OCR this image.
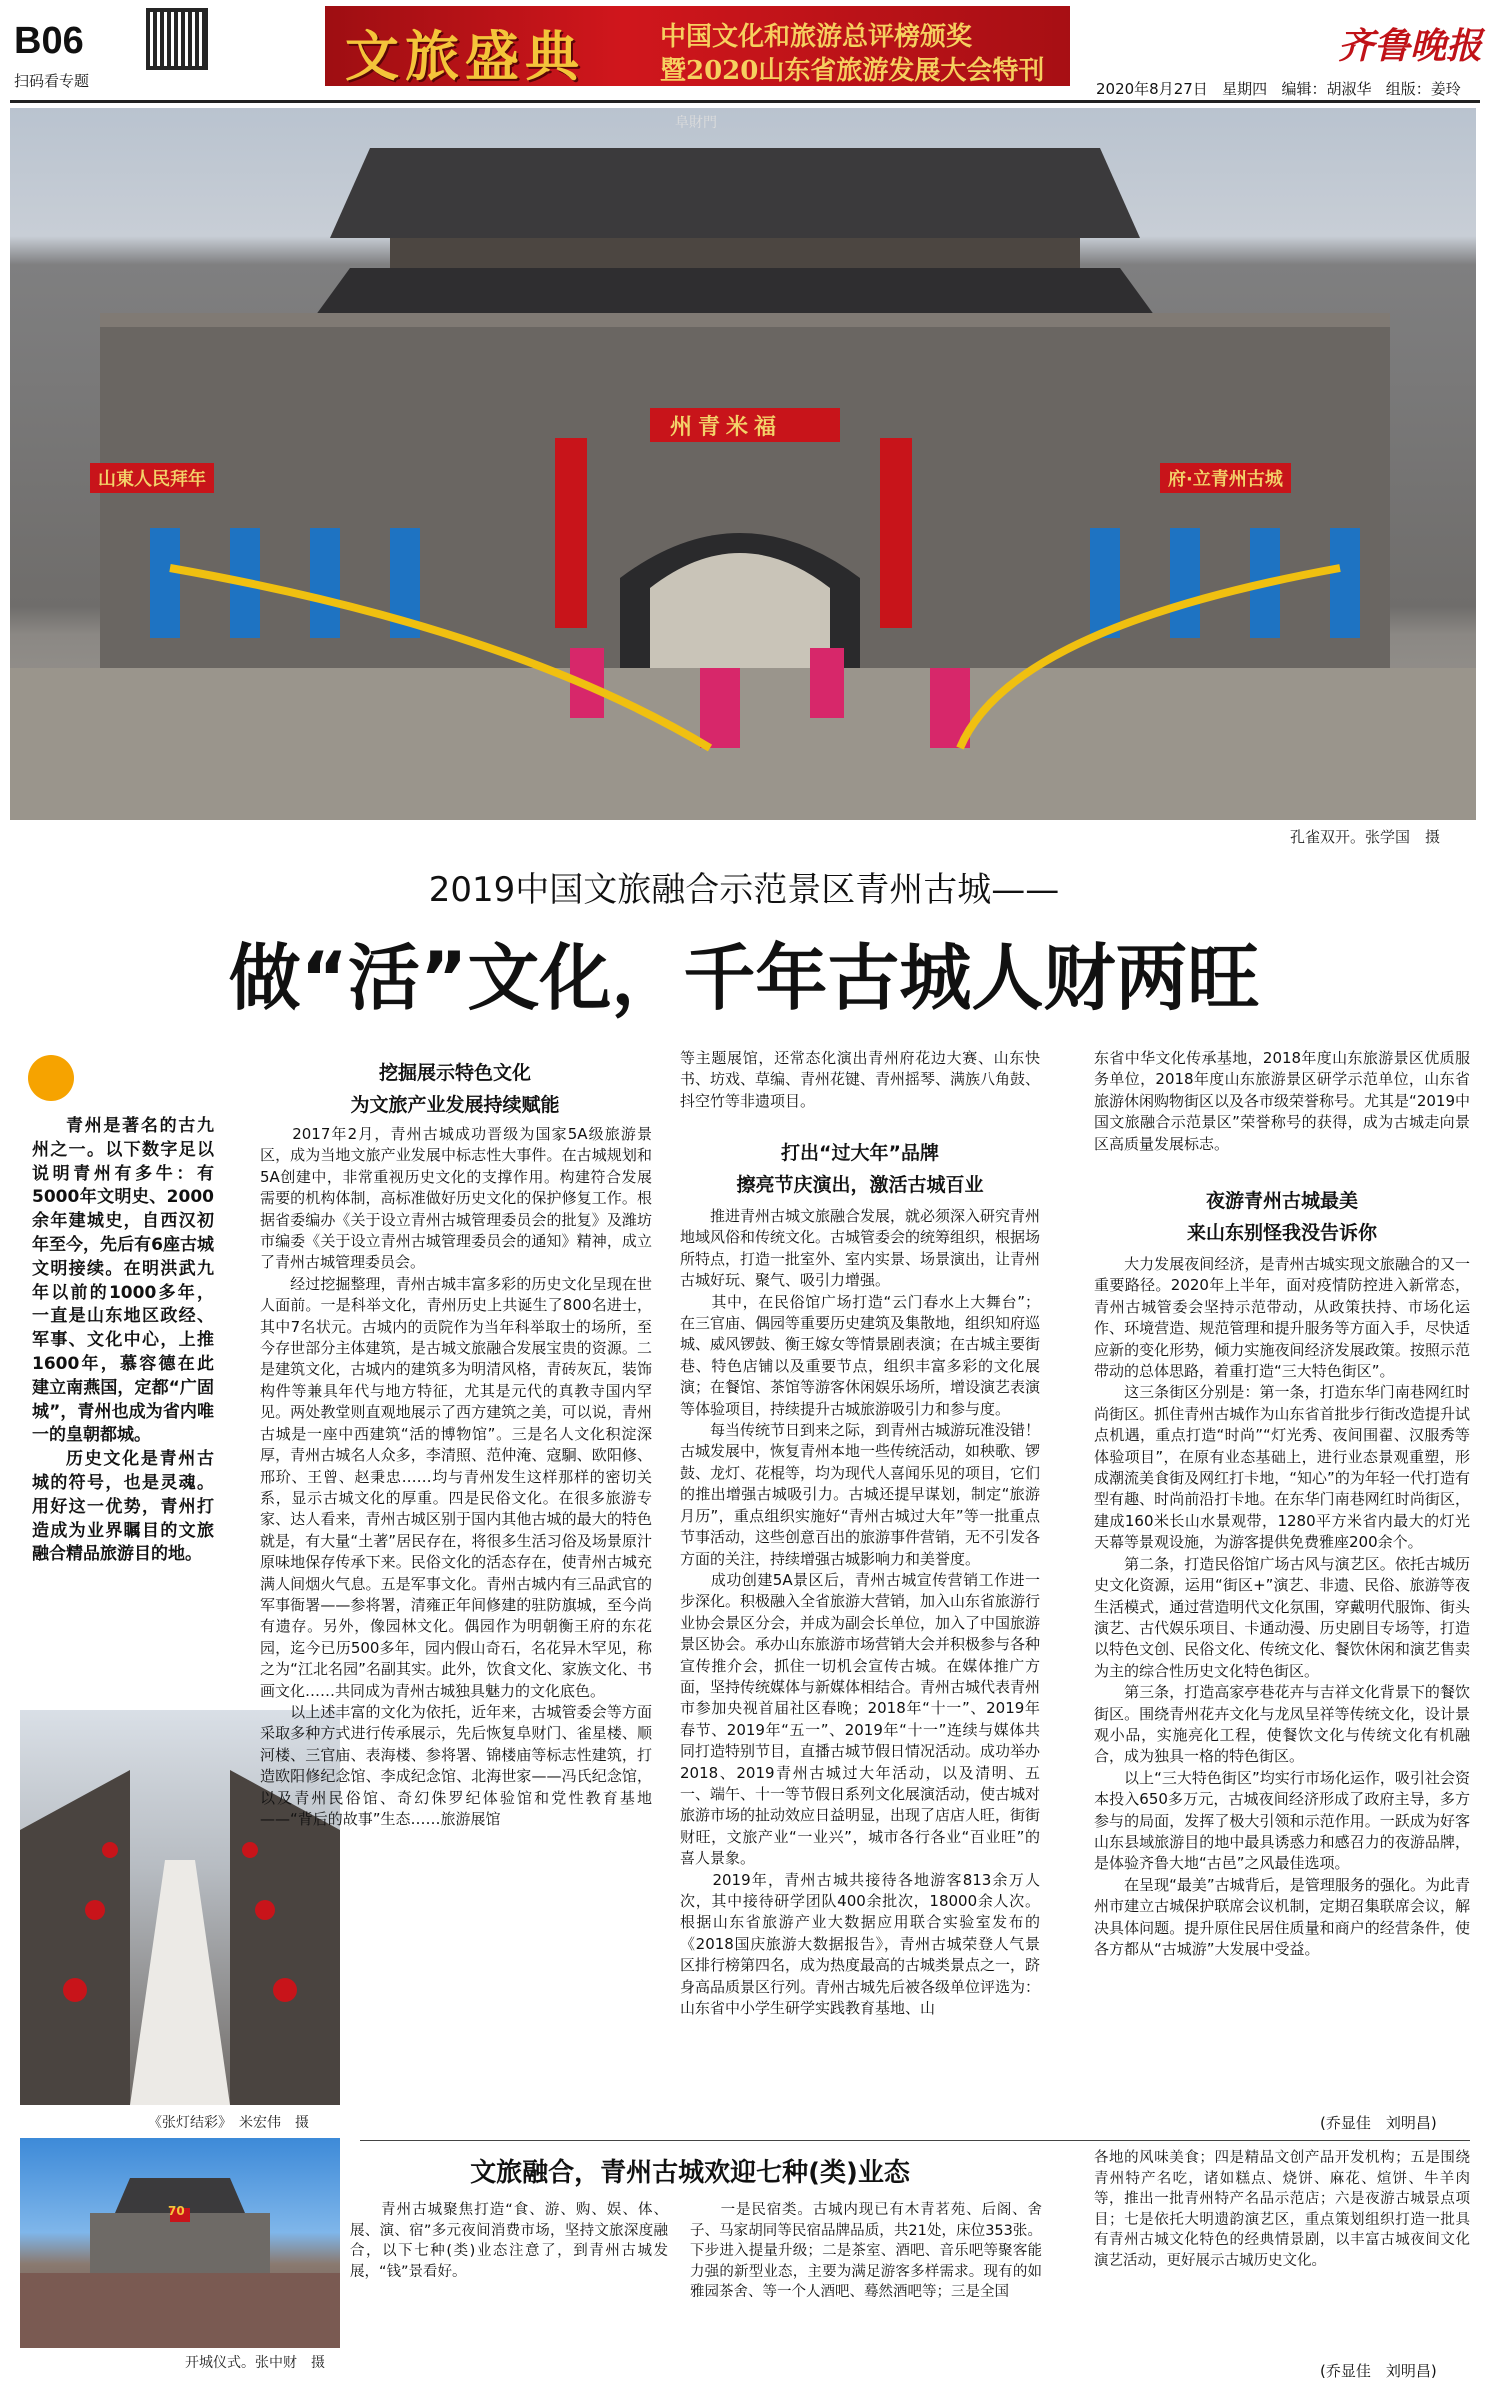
B06
扫码看专题	文旅盛典	中国文化和旅游总评榜颁奖
暨2020山东省旅游发展大会特刊
齐鲁晚报
2020年8月27日 星期四 编辑：胡淑华 组版：姜玲
阜財門
州青米福
山東人民拜年	府·立青州古城
孔雀双开。张学国　摄
2019中国文旅融合示范景区青州古城——
做“活”文化，千年古城人财两旺
青州是著名的古九州之一。以下数字足以说明青州有多牛：有5000年文明史、2000余年建城史，自西汉初年至今，先后有6座古城文明接续。在明洪武九年以前的1000多年，一直是山东地区政经、军事、文化中心，上推1600年，慕容德在此建立南燕国，定都“广固城”，青州也成为省内唯一的皇朝都城。
历史文化是青州古城的符号，也是灵魂。用好这一优势，青州打造成为业界瞩目的文旅融合精品旅游目的地。
《张灯结彩》　米宏伟　摄
70
开城仪式。张中财　摄
挖掘展示特色文化
为文旅产业发展持续赋能
　　2017年2月，青州古城成功晋级为国家5A级旅游景区，成为当地文旅产业发展中标志性大事件。在古城规划和5A创建中，非常重视历史文化的支撑作用。构建符合发展需要的机构体制，高标准做好历史文化的保护修复工作。根据省委编办《关于设立青州古城管理委员会的批复》及潍坊市编委《关于设立青州古城管理委员会的通知》精神，成立了青州古城管理委员会。
　　经过挖掘整理，青州古城丰富多彩的历史文化呈现在世人面前。一是科举文化，青州历史上共诞生了800名进士，其中7名状元。古城内的贡院作为当年科举取士的场所，至今存世部分主体建筑，是古城文旅融合发展宝贵的资源。二是建筑文化，古城内的建筑多为明清风格，青砖灰瓦，装饰构件等兼具年代与地方特征，尤其是元代的真教寺国内罕见。两处教堂则直观地展示了西方建筑之美，可以说，青州古城是一座中西建筑“活的博物馆”。三是名人文化积淀深厚，青州古城名人众多，李清照、范仲淹、寇駉、欧阳修、邢玠、王曾、赵秉忠……均与青州发生这样那样的密切关系，显示古城文化的厚重。四是民俗文化。在很多旅游专家、达人看来，青州古城区别于国内其他古城的最大的特色就是，有大量“土著”居民存在，将很多生活习俗及场景原汁原味地保存传承下来。民俗文化的活态存在，使青州古城充满人间烟火气息。五是军事文化。青州古城内有三品武官的军事衙署——参将署，清雍正年间修建的驻防旗城，至今尚有遗存。另外，像园林文化。偶园作为明朝衡王府的东花园，迄今已历500多年，园内假山奇石，名花异木罕见，称之为“江北名园”名副其实。此外，饮食文化、家族文化、书画文化……共同成为青州古城独具魅力的文化底色。
　　以上述丰富的文化为依托，近年来，古城管委会等方面采取多种方式进行传承展示，先后恢复阜财门、雀星楼、顺河楼、三官庙、表海楼、参将署、锦楼庙等标志性建筑，打造欧阳修纪念馆、李成纪念馆、北海世家——冯氏纪念馆，以及青州民俗馆、奇幻侏罗纪体验馆和党性教育基地——“背后的故事”生态……旅游展馆
等主题展馆，还常态化演出青州府花边大赛、山东快书、坊戏、草编、青州花键、青州摇琴、满族八角鼓、抖空竹等非遗项目。
打出“过大年”品牌
擦亮节庆演出，激活古城百业
　　推进青州古城文旅融合发展，就必须深入研究青州地域风俗和传统文化。古城管委会的统筹组织，根据场所特点，打造一批室外、室内实景、场景演出，让青州古城好玩、聚气、吸引力增强。
　　其中，在民俗馆广场打造“云门春水上大舞台”；在三官庙、偶园等重要历史建筑及集散地，组织知府巡城、威风锣鼓、衡王嫁女等情景剧表演；在古城主要街巷、特色店铺以及重要节点，组织丰富多彩的文化展演；在餐馆、茶馆等游客休闲娱乐场所，增设演艺表演等体验项目，持续提升古城旅游吸引力和参与度。
　　每当传统节日到来之际，到青州古城游玩准没错！古城发展中，恢复青州本地一些传统活动，如秧歌、锣鼓、龙灯、花棍等，均为现代人喜闻乐见的项目，它们的推出增强古城吸引力。古城还提早谋划，制定“旅游月历”，重点组织实施好“青州古城过大年”等一批重点节事活动，这些创意百出的旅游事件营销，无不引发各方面的关注，持续增强古城影响力和美誉度。
　　成功创建5A景区后，青州古城宣传营销工作进一步深化。积极融入全省旅游大营销，加入山东省旅游行业协会景区分会，并成为副会长单位，加入了中国旅游景区协会。承办山东旅游市场营销大会并积极参与各种宣传推介会，抓住一切机会宣传古城。在媒体推广方面，坚持传统媒体与新媒体相结合。青州古城代表青州市参加央视首届社区春晚；2018年“十一”、2019年春节、2019年“五一”、2019年“十一”连续与媒体共同打造特别节目，直播古城节假日情况活动。成功举办2018、2019青州古城过大年活动，以及清明、五一、端午、十一等节假日系列文化展演活动，使古城对旅游市场的扯动效应日益明显，出现了店店人旺，街街财旺，文旅产业“一业兴”，城市各行各业“百业旺”的喜人景象。
　　2019年，青州古城共接待各地游客813余万人次，其中接待研学团队400余批次，18000余人次。根据山东省旅游产业大数据应用联合实验室发布的《2018国庆旅游大数据报告》，青州古城荣登人气景区排行榜第四名，成为热度最高的古城类景点之一，跻身高品质景区行列。青州古城先后被各级单位评选为：山东省中小学生研学实践教育基地、山
东省中华文化传承基地，2018年度山东旅游景区优质服务单位，2018年度山东旅游景区研学示范单位，山东省旅游休闲购物街区以及各市级荣誉称号。尤其是“2019中国文旅融合示范景区”荣誉称号的获得，成为古城走向景区高质量发展标志。
夜游青州古城最美
来山东别怪我没告诉你
　　大力发展夜间经济，是青州古城实现文旅融合的又一重要路径。2020年上半年，面对疫情防控进入新常态，青州古城管委会坚持示范带动，从政策扶持、市场化运作、环境营造、规范管理和提升服务等方面入手，尽快适应新的变化形势，倾力实施夜间经济发展政策。按照示范带动的总体思路，着重打造“三大特色街区”。
　　这三条街区分别是：第一条，打造东华门南巷网红时尚街区。抓住青州古城作为山东省首批步行街改造提升试点机遇，重点打造“时尚”“灯光秀、夜间围翟、汉服秀等体验项目”，在原有业态基础上，进行业态景观重塑，形成潮流美食街及网红打卡地，“知心”的为年轻一代打造有型有趣、时尚前沿打卡地。在东华门南巷网红时尚街区，建成160米长山水景观带，1280平方米省内最大的灯光天幕等景观设施，为游客提供免费雅座200余个。
　　第二条，打造民俗馆广场古风与演艺区。依托古城历史文化资源，运用“街区+”演艺、非遗、民俗、旅游等夜生活模式，通过营造明代文化氛围，穿戴明代服饰、街头演艺、古代娱乐项目、卡通动漫、历史剧目专场等，打造以特色文创、民俗文化、传统文化、餐饮休闲和演艺售卖为主的综合性历史文化特色街区。
　　第三条，打造高家亭巷花卉与吉祥文化背景下的餐饮街区。围绕青州花卉文化与龙凤呈祥等传统文化，设计景观小品，实施亮化工程，使餐饮文化与传统文化有机融合，成为独具一格的特色街区。
　　以上“三大特色街区”均实行市场化运作，吸引社会资本投入650多万元，古城夜间经济形成了政府主导，多方参与的局面，发挥了极大引领和示范作用。一跃成为好客山东县域旅游目的地中最具诱惑力和感召力的夜游品牌，是体验齐鲁大地“古邑”之风最佳选项。
　　在呈现“最美”古城背后，是管理服务的强化。为此青州市建立古城保护联席会议机制，定期召集联席会议，解决具体问题。提升原住民居住质量和商户的经营条件，使各方都从“古城游”大发展中受益。
(乔显佳　刘明昌)
文旅融合，青州古城欢迎七种(类)业态
　　青州古城聚焦打造“食、游、购、娱、体、展、演、宿”多元夜间消费市场，坚持文旅深度融合，以下七种(类)业态注意了，到青州古城发展，“钱”景看好。
　　一是民宿类。古城内现已有木青茗苑、后阁、舍子、马家胡同等民宿品牌品质，共21处，床位353张。下步进入提量升级；二是茶室、酒吧、音乐吧等聚客能力强的新型业态，主要为满足游客多样需求。现有的如雅园茶舍、等一个人酒吧、蓦然酒吧等；三是全国
各地的风味美食；四是精品文创产品开发机构；五是围绕青州特产名吃，诸如糕点、烧饼、麻花、煊饼、牛羊肉等，推出一批青州特产名品示范店；六是夜游古城景点项目；七是依托大明遗韵演艺区，重点策划组织打造一批具有青州古城文化特色的经典情景剧，以丰富古城夜间文化演艺活动，更好展示古城历史文化。
(乔显佳　刘明昌)
